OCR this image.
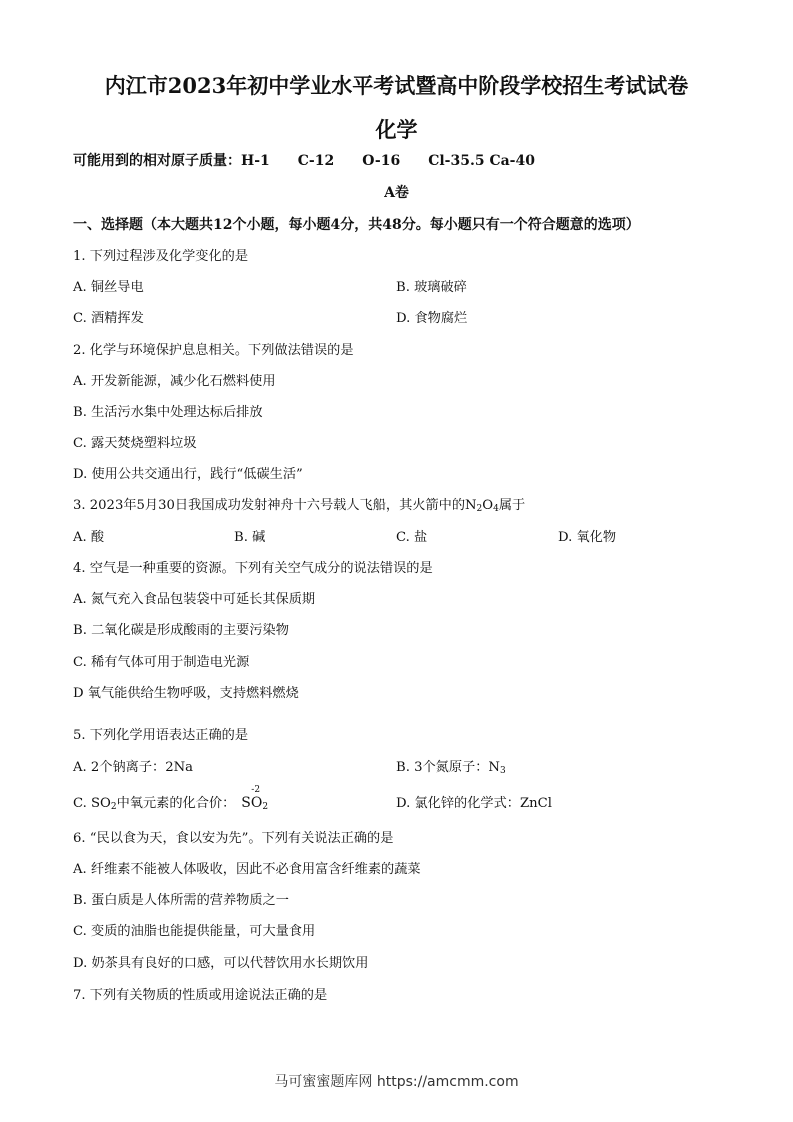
内江市2023年初中学业水平考试暨高中阶段学校招生考试试卷
化学
可能用到的相对原子质量：H-1　　C-12　　O-16　　Cl-35.5 Ca-40
A卷
一、选择题（本大题共12个小题，每小题4分，共48分。每小题只有一个符合题意的选项）
1. 下列过程涉及化学变化的是
A. 铜丝导电	B. 玻璃破碎
C. 酒精挥发	D. 食物腐烂
2. 化学与环境保护息息相关。下列做法错误的是
A. 开发新能源，减少化石燃料使用
B. 生活污水集中处理达标后排放
C. 露天焚烧塑料垃圾
D. 使用公共交通出行，践行“低碳生活”
3. 2023年5月30日我国成功发射神舟十六号载人飞船，其火箭中的$N_2O_4$属于
A. 酸	B. 碱	C. 盐	D. 氧化物
4. 空气是一种重要的资源。下列有关空气成分的说法错误的是
A. 氮气充入食品包装袋中可延长其保质期
B. 二氧化碳是形成酸雨的主要污染物
C. 稀有气体可用于制造电光源
D 氧气能供给生物呼吸，支持燃料燃烧
5. 下列化学用语表达正确的是
A. 2个钠离子：2Na	B. 3个氮原子：$N_3$
C. $SO_2$中氧元素的化合价：
-2
$SO_2$	D. 氯化锌的化学式：ZnCl
6. “民以食为天，食以安为先”。下列有关说法正确的是
A. 纤维素不能被人体吸收，因此不必食用富含纤维素的蔬菜
B. 蛋白质是人体所需的营养物质之一
C. 变质的油脂也能提供能量，可大量食用
D. 奶茶具有良好的口感，可以代替饮用水长期饮用
7. 下列有关物质的性质或用途说法正确的是
马可蜜蜜题库网 https://amcmm.com
